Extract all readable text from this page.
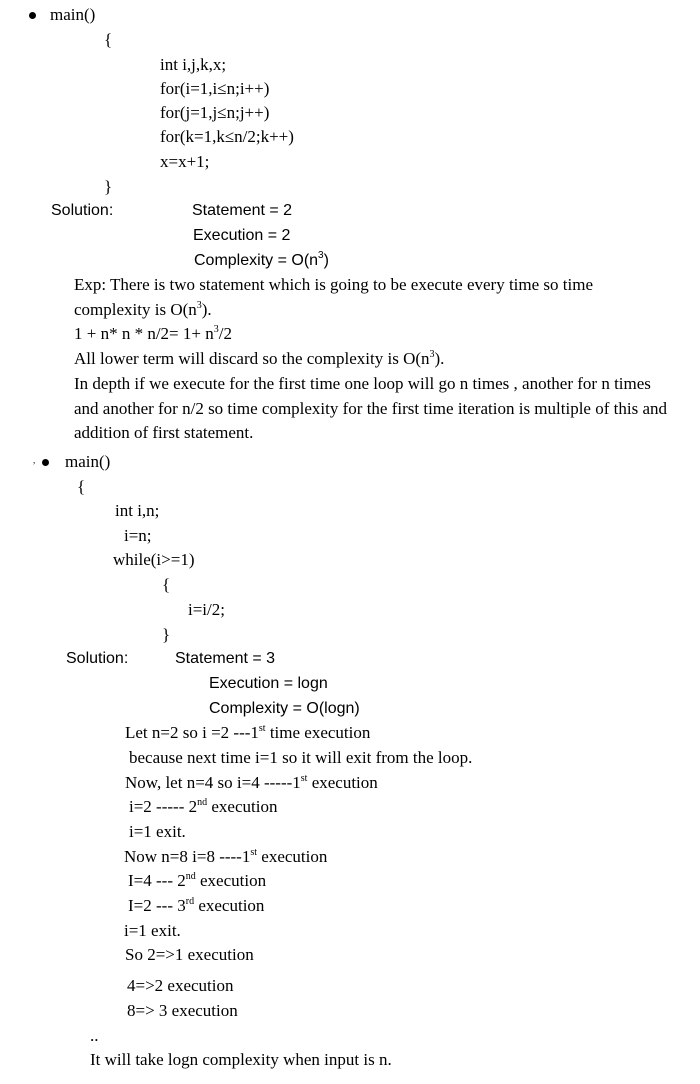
main()
{
int i,j,k,x;
for(i=1,i≤n;i++)
for(j=1,j≤n;j++)
for(k=1,k≤n/2;k++)
x=x+1;
}
Solution:	Statement = 2
Execution = 2
Complexity = $O(n^3)$
Exp: There is two statement which is going to be execute every time so time complexity is $O(n^3)$.
1 + n* $n * n/2= 1+ n^3/2$
All lower term will discard so the complexity is $O(n^3)$.
In depth if we execute for the first time one loop will go n times , another for n times and another for n/2 so time complexity for the first time iteration is multiple of this and addition of first statement.
, main()
{
int i,n;
i=n;
while(i>=1)
{
i=i/2;
}
Solution:	Statement = 3
Execution = logn
Complexity = O(logn)
Let n=2 so i =2 ---1st time execution
because next time i=1 so it will exit from the loop.
Now, let n=4 so i=4 -----1st execution
i=2 ----- 2nd execution
i=1 exit.
Now n=8 i=8 ----1st execution
I=4 --- 2nd execution
I=2 --- 3rd execution
i=1 exit.
So 2=>1 execution
4=>2 execution
8=> 3 execution
..
It will take logn complexity when input is n.
